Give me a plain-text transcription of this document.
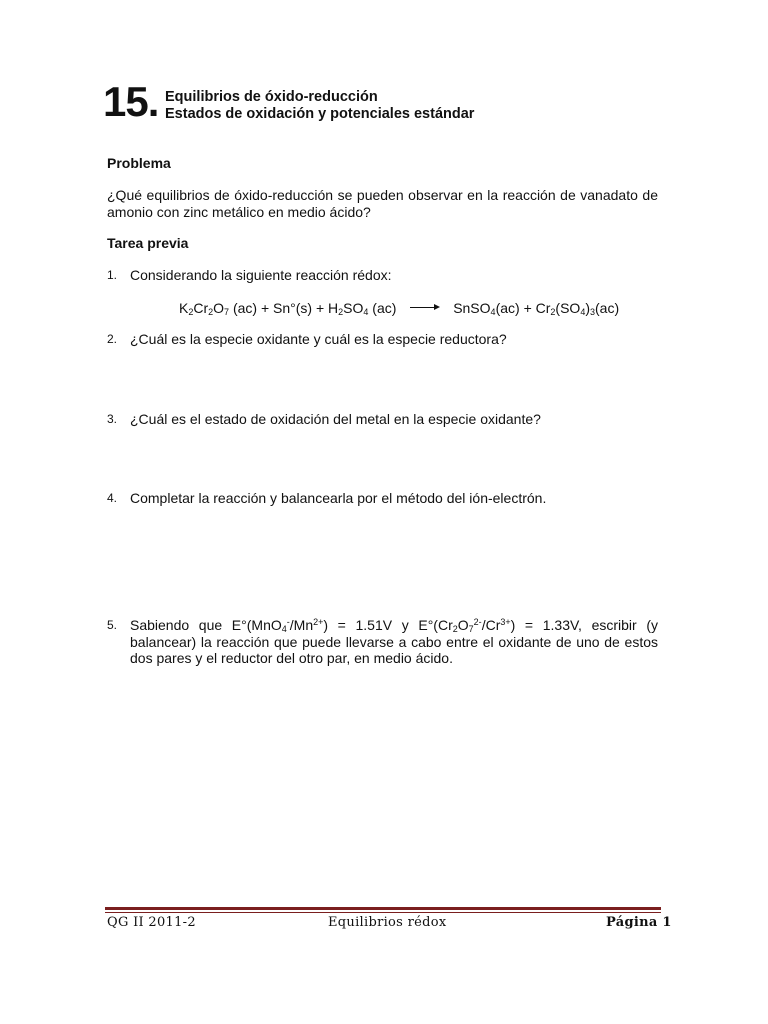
15. Equilibrios de óxido-reducción
Estados de oxidación y potenciales estándar
Problema
¿Qué equilibrios de óxido-reducción se pueden observar en la reacción de vanadato de amonio con zinc metálico en medio ácido?
Tarea previa
1. Considerando la siguiente reacción rédox:
$K_2Cr_2O_7$ $(ac) + Sn^\circ(s) + H_2SO_4$ (ac)	SnSO$_4$(ac) + $Cr_2(SO_4)_3(ac)$
2. ¿Cuál es la especie oxidante y cuál es la especie reductora?
3. ¿Cuál es el estado de oxidación del metal en la especie oxidante?
4. Completar la reacción y balancearla por el método del ión-electrón.
5. Sabiendo que $E^\circ(MnO_4^-/Mn^{2+}) = 1.51V$ y $E^\circ(Cr_2O_7^{2-}/Cr^{3+}) = 1.33V$, escribir (y balancear) la reacción que puede llevarse a cabo entre el oxidante de uno de estos dos pares y el reductor del otro par, en medio ácido.
QG II 2011-2	Equilibrios rédox	Página 1
